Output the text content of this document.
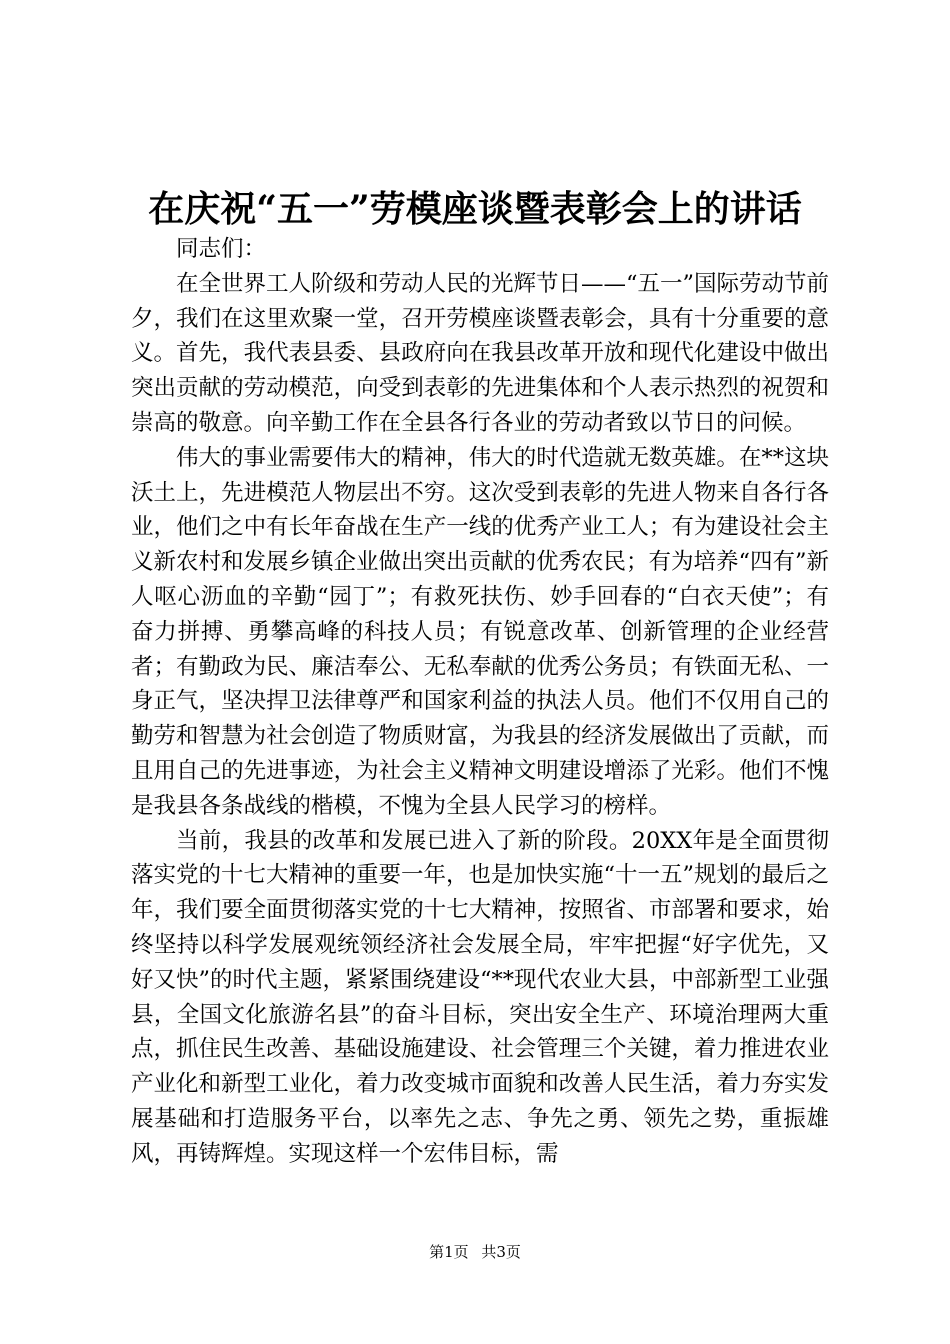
在庆祝“五一”劳模座谈暨表彰会上的讲话

同志们：

在全世界工人阶级和劳动人民的光辉节日——“五一”国际劳动节前夕，我们在这里欢聚一堂，召开劳模座谈暨表彰会，具有十分重要的意义。首先，我代表县委、县政府向在我县改革开放和现代化建设中做出突出贡献的劳动模范，向受到表彰的先进集体和个人表示热烈的祝贺和崇高的敬意。向辛勤工作在全县各行各业的劳动者致以节日的问候。

伟大的事业需要伟大的精神，伟大的时代造就无数英雄。在**这块沃土上，先进模范人物层出不穷。这次受到表彰的先进人物来自各行各业，他们之中有长年奋战在生产一线的优秀产业工人；有为建设社会主义新农村和发展乡镇企业做出突出贡献的优秀农民；有为培养“四有”新人呕心沥血的辛勤“园丁”；有救死扶伤、妙手回春的“白衣天使”；有奋力拼搏、勇攀高峰的科技人员；有锐意改革、创新管理的企业经营者；有勤政为民、廉洁奉公、无私奉献的优秀公务员；有铁面无私、一身正气，坚决捍卫法律尊严和国家利益的执法人员。他们不仅用自己的勤劳和智慧为社会创造了物质财富，为我县的经济发展做出了贡献，而且用自己的先进事迹，为社会主义精神文明建设增添了光彩。他们不愧是我县各条战线的楷模，不愧为全县人民学习的榜样。

当前，我县的改革和发展已进入了新的阶段。20XX年是全面贯彻落实党的十七大精神的重要一年，也是加快实施“十一五”规划的最后之年，我们要全面贯彻落实党的十七大精神，按照省、市部署和要求，始终坚持以科学发展观统领经济社会发展全局，牢牢把握“好字优先，又好又快”的时代主题，紧紧围绕建设“**现代农业大县，中部新型工业强县，全国文化旅游名县”的奋斗目标，突出安全生产、环境治理两大重点，抓住民生改善、基础设施建设、社会管理三个关键，着力推进农业产业化和新型工业化，着力改变城市面貌和改善人民生活，着力夯实发展基础和打造服务平台，以率先之志、争先之勇、领先之势，重振雄风，再铸辉煌。实现这样一个宏伟目标，需

第1页 共3页
